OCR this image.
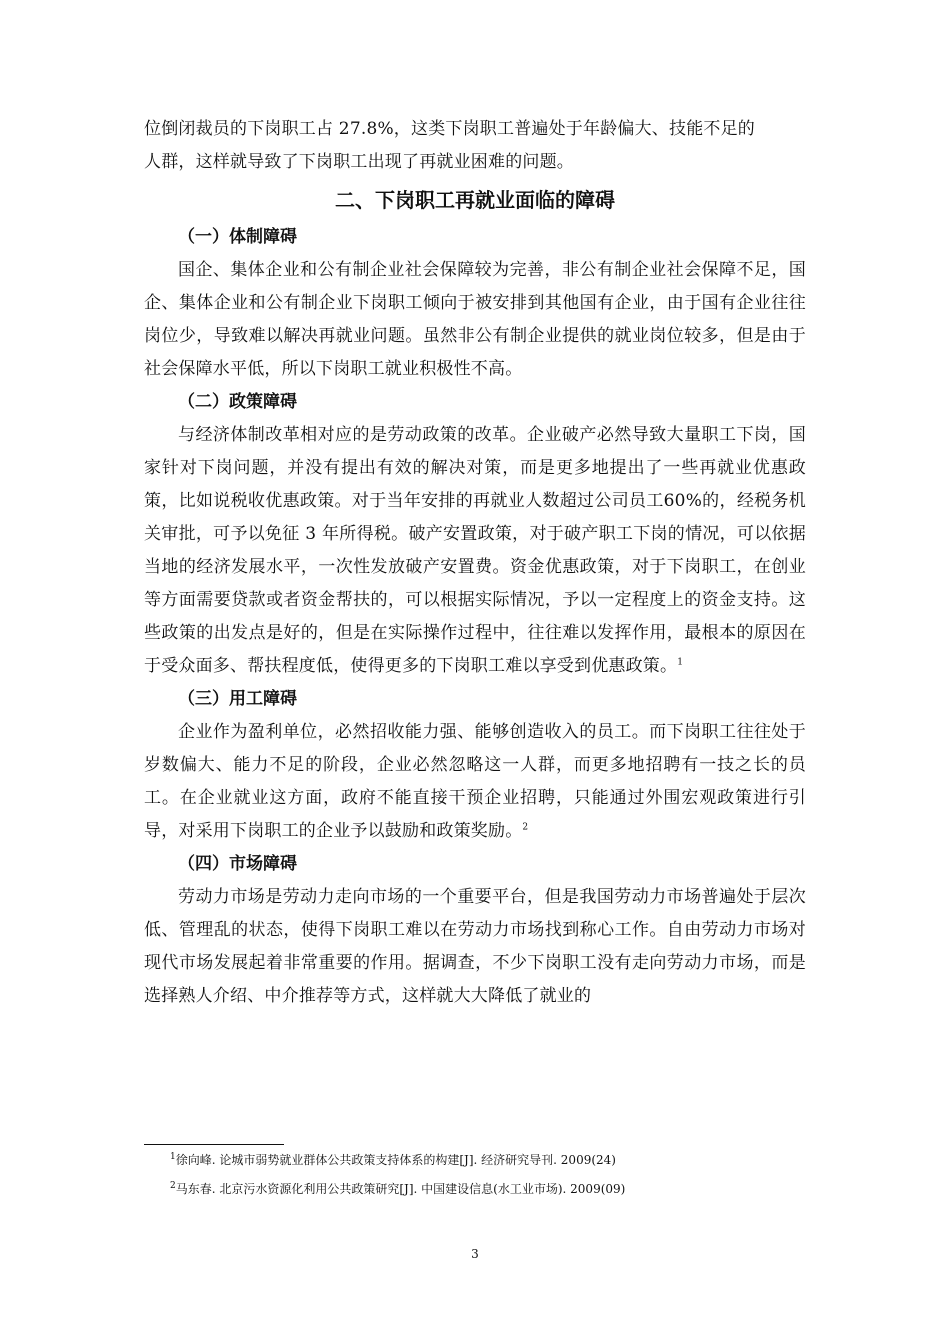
位倒闭裁员的下岗职工占 27.8%，这类下岗职工普遍处于年龄偏大、技能不足的
人群，这样就导致了下岗职工出现了再就业困难的问题。

二、下岗职工再就业面临的障碍
（一）体制障碍

国企、集体企业和公有制企业社会保障较为完善，非公有制企业社会保障不足，国企、集体企业和公有制企业下岗职工倾向于被安排到其他国有企业，由于国有企业往往岗位少，导致难以解决再就业问题。虽然非公有制企业提供的就业岗位较多，但是由于社会保障水平低，所以下岗职工就业积极性不高。

（二）政策障碍

与经济体制改革相对应的是劳动政策的改革。企业破产必然导致大量职工下岗，国家针对下岗问题，并没有提出有效的解决对策，而是更多地提出了一些再就业优惠政策，比如说税收优惠政策。对于当年安排的再就业人数超过公司员工60%的，经税务机关审批，可予以免征 3 年所得税。破产安置政策，对于破产职工下岗的情况，可以依据当地的经济发展水平，一次性发放破产安置费。资金优惠政策，对于下岗职工，在创业等方面需要贷款或者资金帮扶的，可以根据实际情况，予以一定程度上的资金支持。这些政策的出发点是好的，但是在实际操作过程中，往往难以发挥作用，最根本的原因在于受众面多、帮扶程度低，使得更多的下岗职工难以享受到优惠政策。$^1$

（三）用工障碍

企业作为盈利单位，必然招收能力强、能够创造收入的员工。而下岗职工往往处于岁数偏大、能力不足的阶段，企业必然忽略这一人群，而更多地招聘有一技之长的员工。在企业就业这方面，政府不能直接干预企业招聘，只能通过外围宏观政策进行引导，对采用下岗职工的企业予以鼓励和政策奖励。$^2$

（四）市场障碍

劳动力市场是劳动力走向市场的一个重要平台，但是我国劳动力市场普遍处于层次低、管理乱的状态，使得下岗职工难以在劳动力市场找到称心工作。自由劳动力市场对现代市场发展起着非常重要的作用。据调查，不少下岗职工没有走向劳动力市场，而是选择熟人介绍、中介推荐等方式，这样就大大降低了就业的

$^1$徐向峰. 论城市弱势就业群体公共政策支持体系的构建[J]. 经济研究导刊. 2009(24)

$^2$马东春. 北京污水资源化利用公共政策研究[J]. 中国建设信息(水工业市场). 2009(09)

3
